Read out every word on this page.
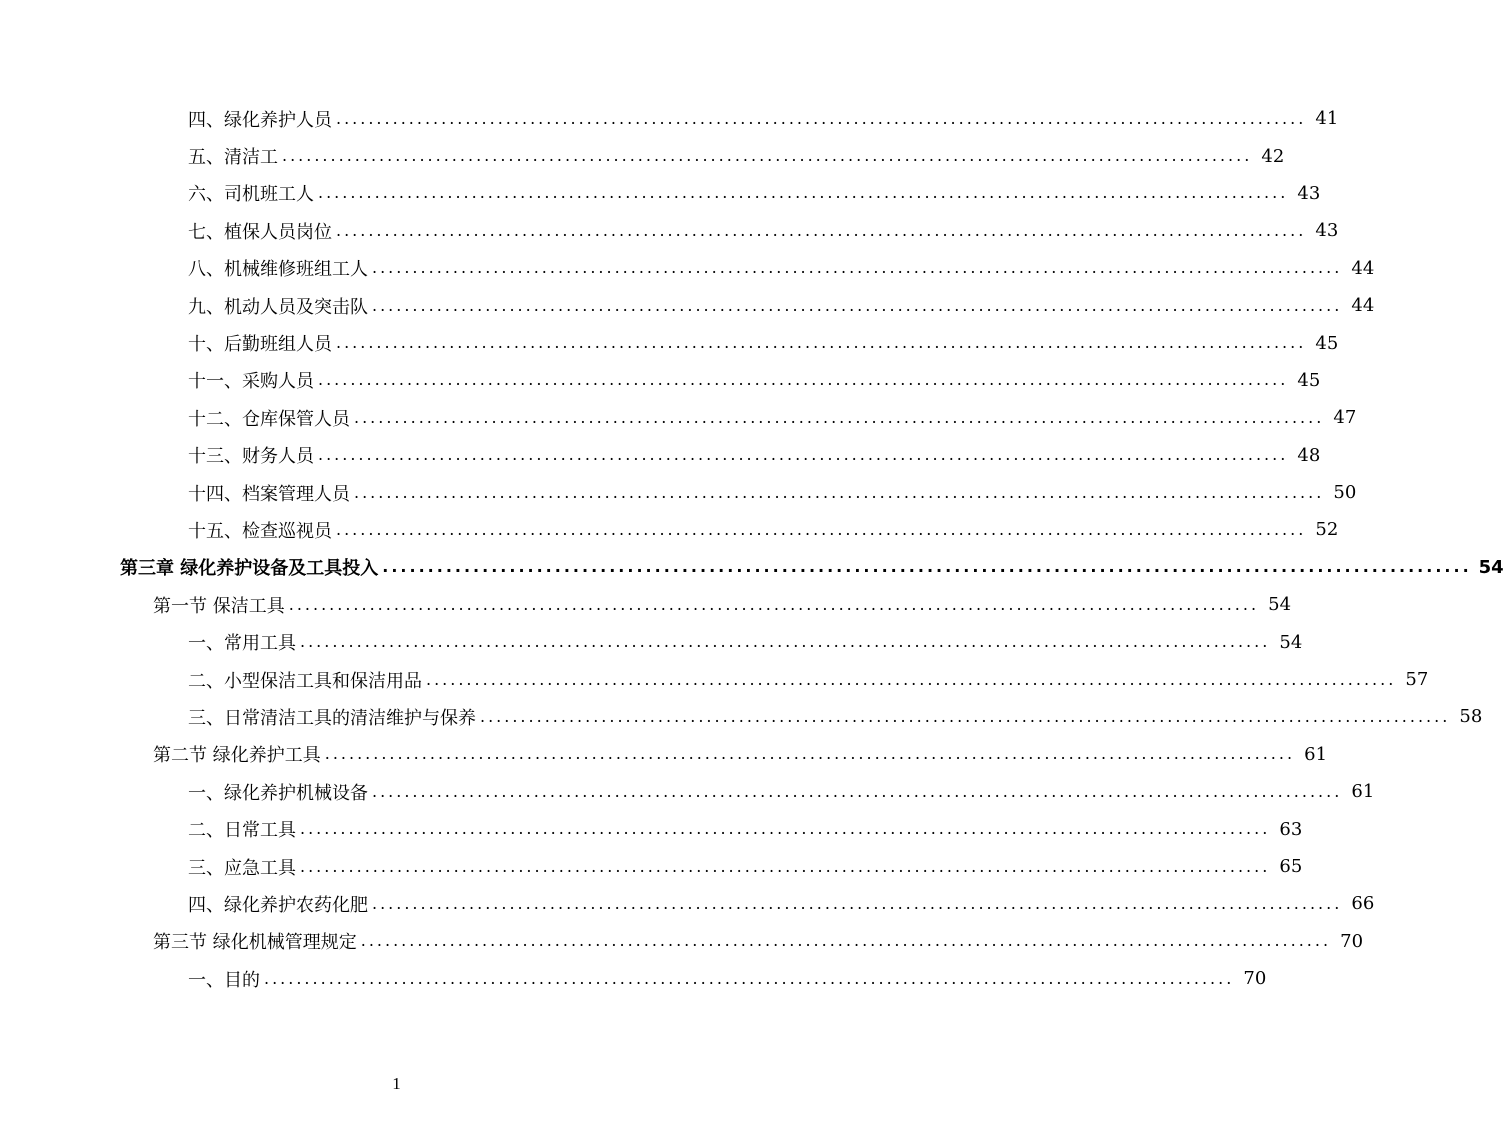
四、绿化养护人员 ........................................................................................................................ 41
五、清洁工 ........................................................................................................................ 42
六、司机班工人 ........................................................................................................................ 43
七、植保人员岗位 ........................................................................................................................ 43
八、机械维修班组工人 ........................................................................................................................ 44
九、机动人员及突击队 ........................................................................................................................ 44
十、后勤班组人员 ........................................................................................................................ 45
十一、采购人员 ........................................................................................................................ 45
十二、仓库保管人员 ........................................................................................................................ 47
十三、财务人员 ........................................................................................................................ 48
十四、档案管理人员 ........................................................................................................................ 50
十五、检查巡视员 ........................................................................................................................ 52
第三章 绿化养护设备及工具投入 ........................................................................................................................ 54
第一节 保洁工具 ........................................................................................................................ 54
一、常用工具 ........................................................................................................................ 54
二、小型保洁工具和保洁用品 ........................................................................................................................ 57
三、日常清洁工具的清洁维护与保养 ........................................................................................................................ 58
第二节 绿化养护工具 ........................................................................................................................ 61
一、绿化养护机械设备 ........................................................................................................................ 61
二、日常工具 ........................................................................................................................ 63
三、应急工具 ........................................................................................................................ 65
四、绿化养护农药化肥 ........................................................................................................................ 66
第三节 绿化机械管理规定 ........................................................................................................................ 70
一、目的 ........................................................................................................................ 70
1
